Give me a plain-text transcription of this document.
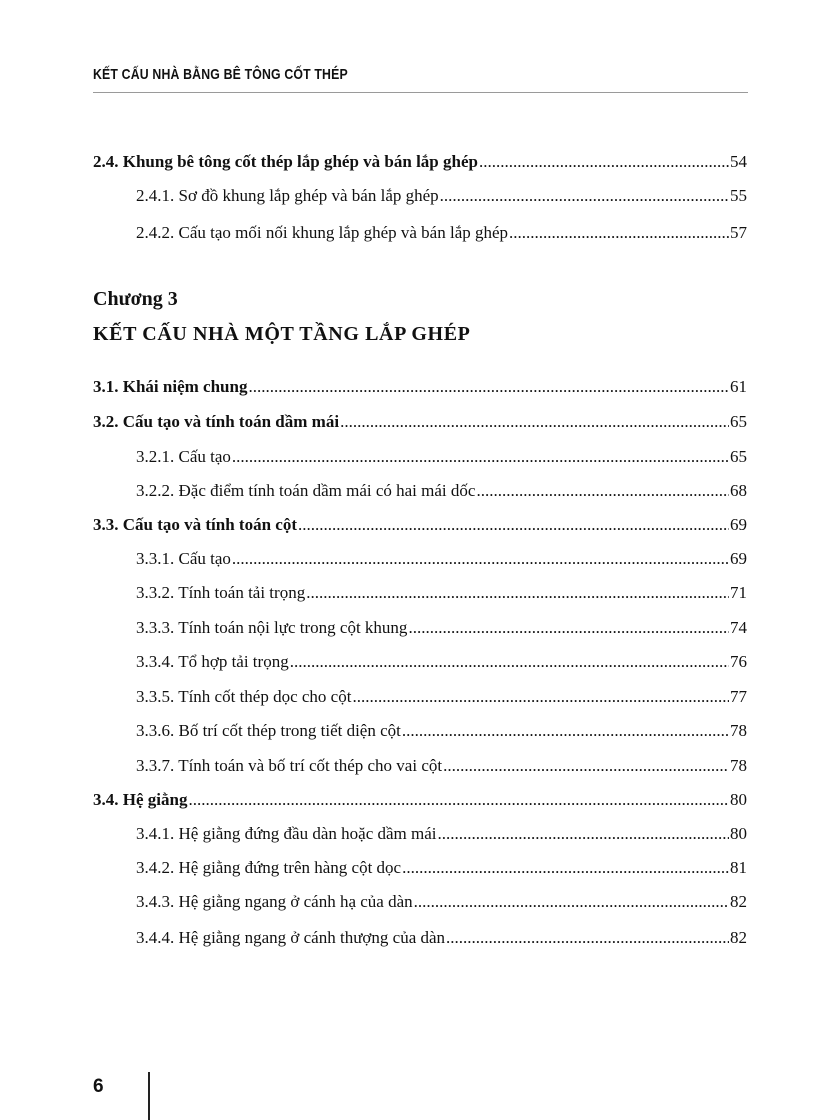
KẾT CẤU NHÀ BẰNG BÊ TÔNG CỐT THÉP
2.4. Khung bê tông cốt thép lắp ghép và bán lắp ghép .....	54
2.4.1. Sơ đồ khung lắp ghép và bán lắp ghép .....	55
2.4.2. Cấu tạo mối nối khung lắp ghép và bán lắp ghép .....	57
Chương 3
KẾT CẤU NHÀ MỘT TẦNG LẮP GHÉP
3.1. Khái niệm chung .....	61
3.2. Cấu tạo và tính toán dầm mái .....	65
3.2.1. Cấu tạo .....	65
3.2.2. Đặc điểm tính toán dầm mái có hai mái dốc .....	68
3.3. Cấu tạo và tính toán cột .....	69
3.3.1. Cấu tạo .....	69
3.3.2. Tính toán tải trọng .....	71
3.3.3. Tính toán nội lực trong cột khung .....	74
3.3.4. Tổ hợp tải trọng .....	76
3.3.5. Tính cốt thép dọc cho cột .....	77
3.3.6. Bố trí cốt thép trong tiết diện cột .....	78
3.3.7. Tính toán và bố trí cốt thép cho vai cột .....	78
3.4. Hệ giằng .....	80
3.4.1. Hệ giằng đứng đầu dàn hoặc dầm mái .....	80
3.4.2. Hệ giằng đứng trên hàng cột dọc .....	81
3.4.3. Hệ giằng ngang ở cánh hạ của dàn .....	82
3.4.4. Hệ giằng ngang ở cánh thượng của dàn .....	82
6
